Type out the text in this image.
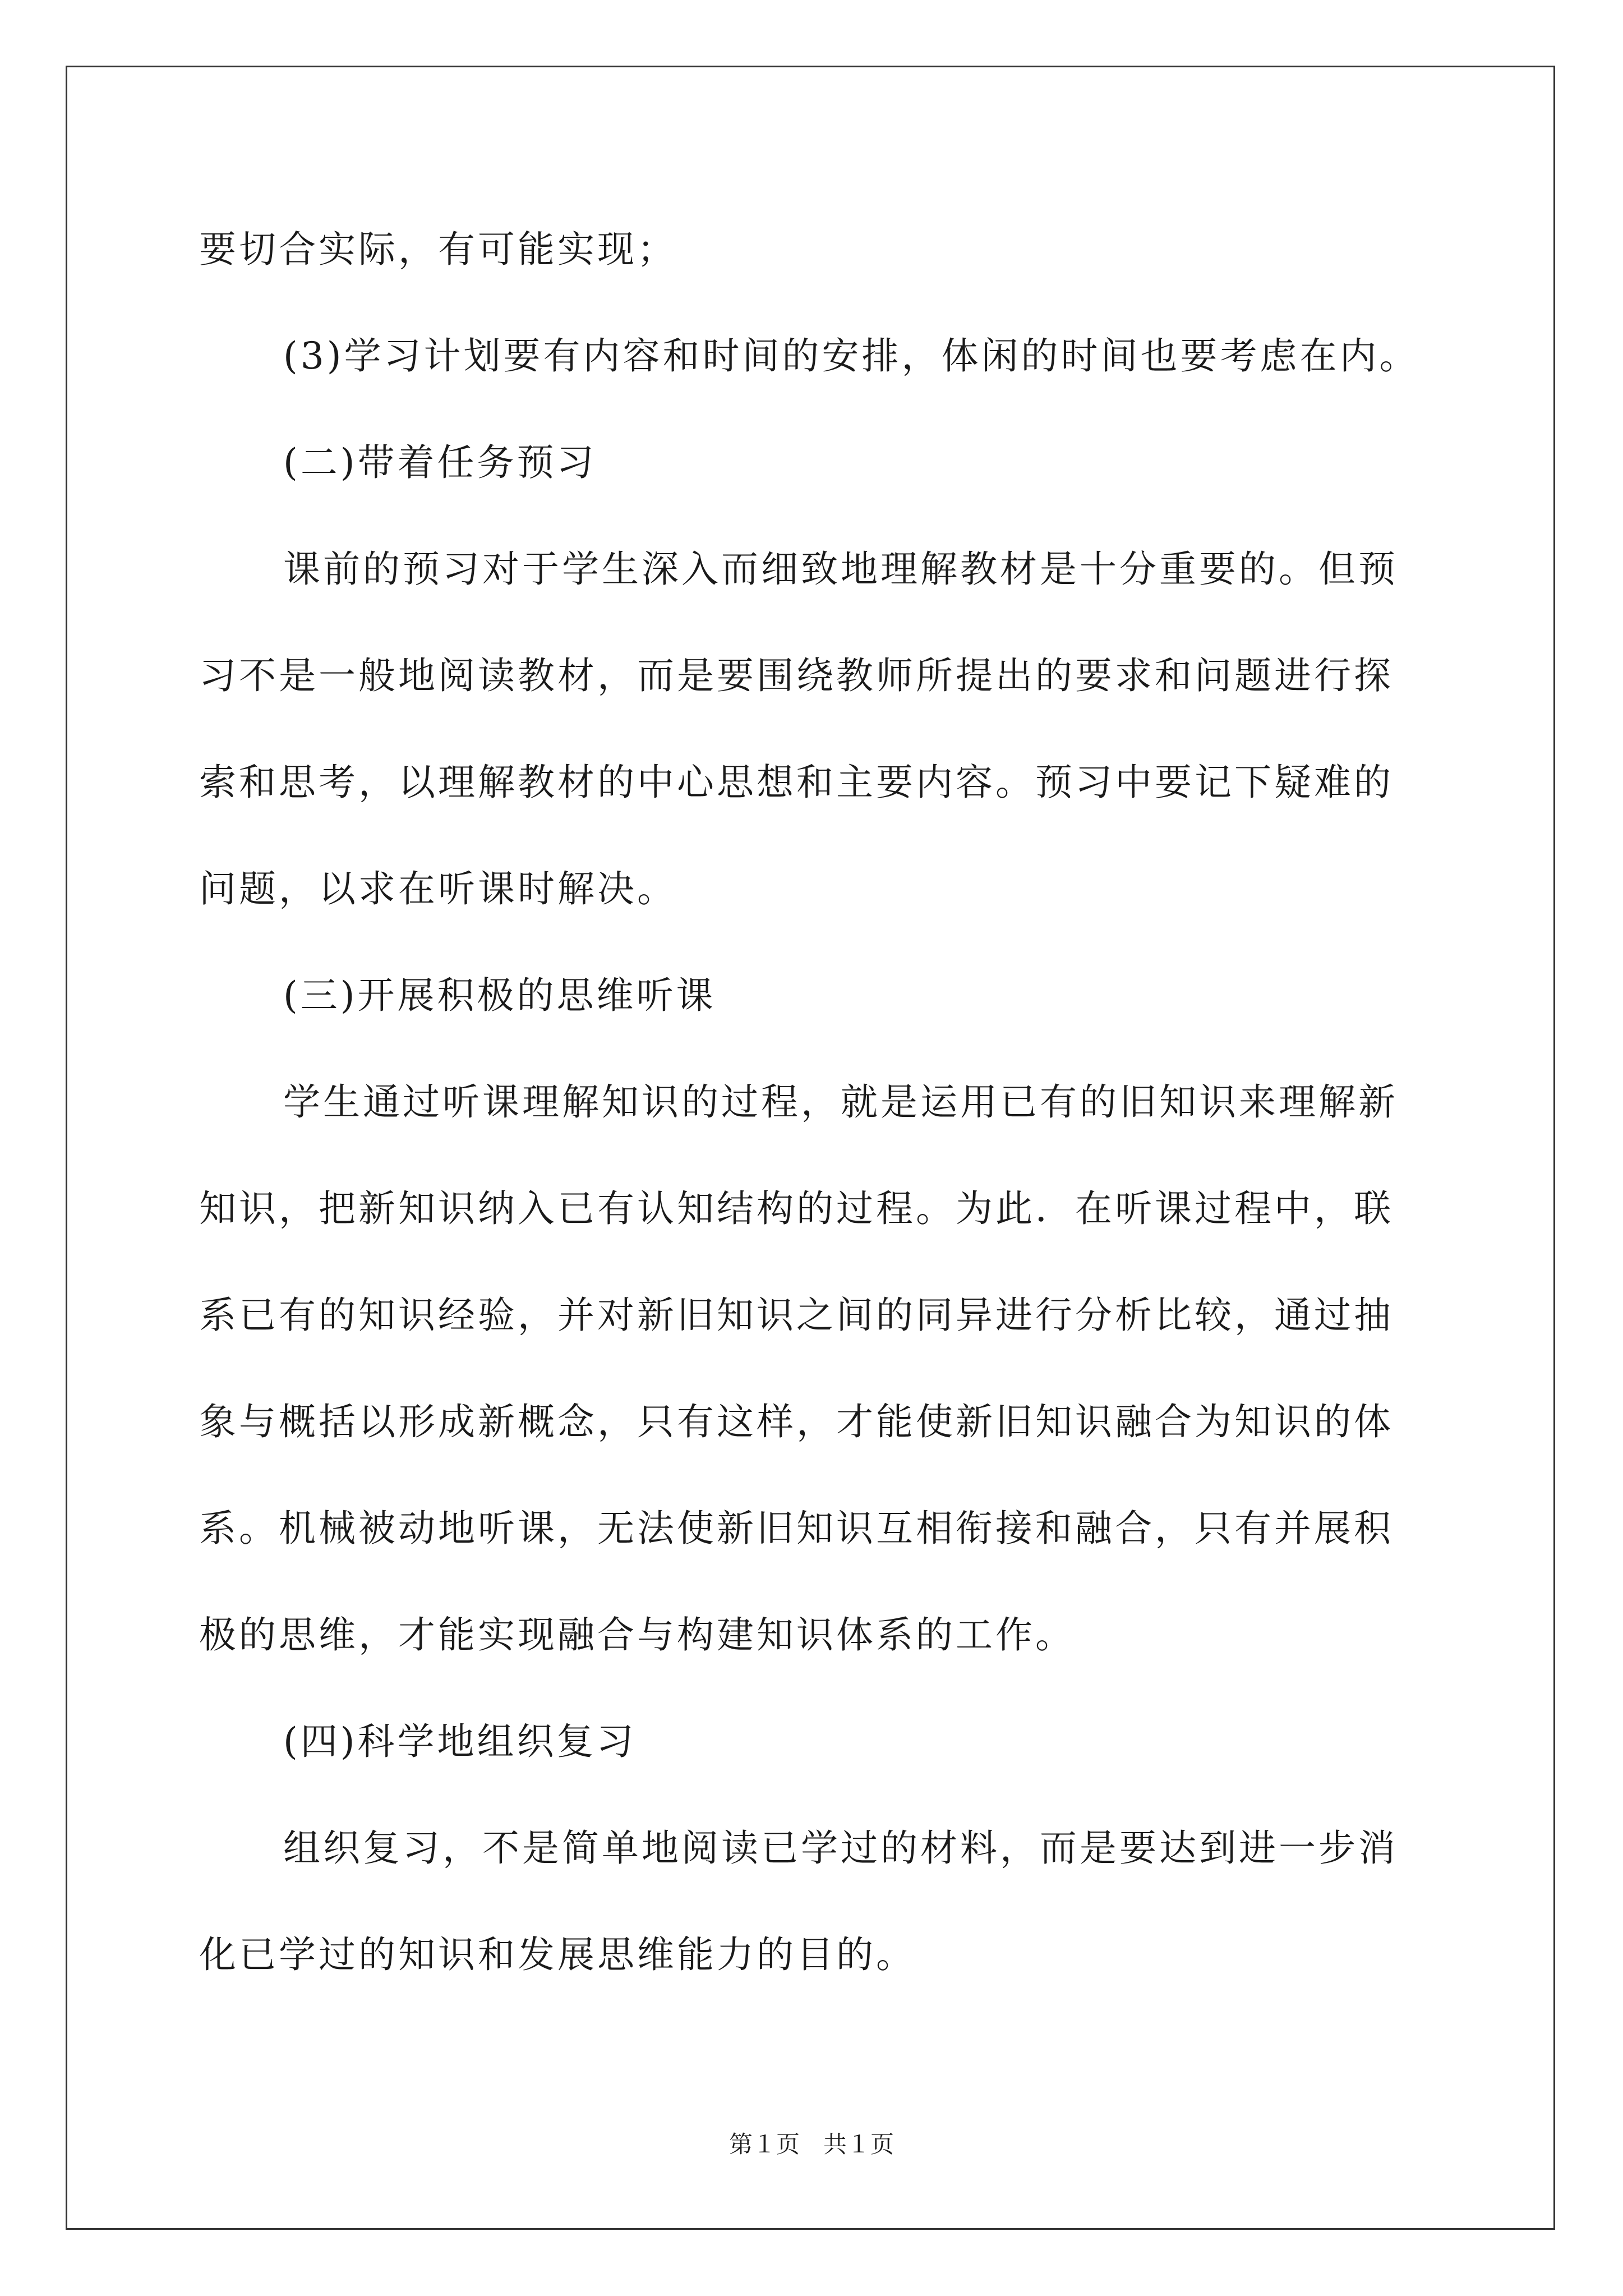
要切合实际，有可能实现；
(3)学习计划要有内容和时间的安排，体闲的时间也要考虑在内。
(二)带着任务预习
课前的预习对于学生深入而细致地理解教材是十分重要的。但预
习不是一般地阅读教材，而是要围绕教师所提出的要求和问题进行探
索和思考，以理解教材的中心思想和主要内容。预习中要记下疑难的
问题，以求在听课时解决。
(三)开展积极的思维听课
学生通过听课理解知识的过程，就是运用已有的旧知识来理解新
知识，把新知识纳入已有认知结构的过程。为此．在听课过程中，联
系已有的知识经验，并对新旧知识之间的同异进行分析比较，通过抽
象与概括以形成新概念，只有这样，才能使新旧知识融合为知识的体
系。机械被动地听课，无法使新旧知识互相衔接和融合，只有并展积
极的思维，才能实现融合与构建知识体系的工作。
(四)科学地组织复习
组织复习，不是简单地阅读已学过的材料，而是要达到进一步消
化已学过的知识和发展思维能力的目的。
第１页　共１页
